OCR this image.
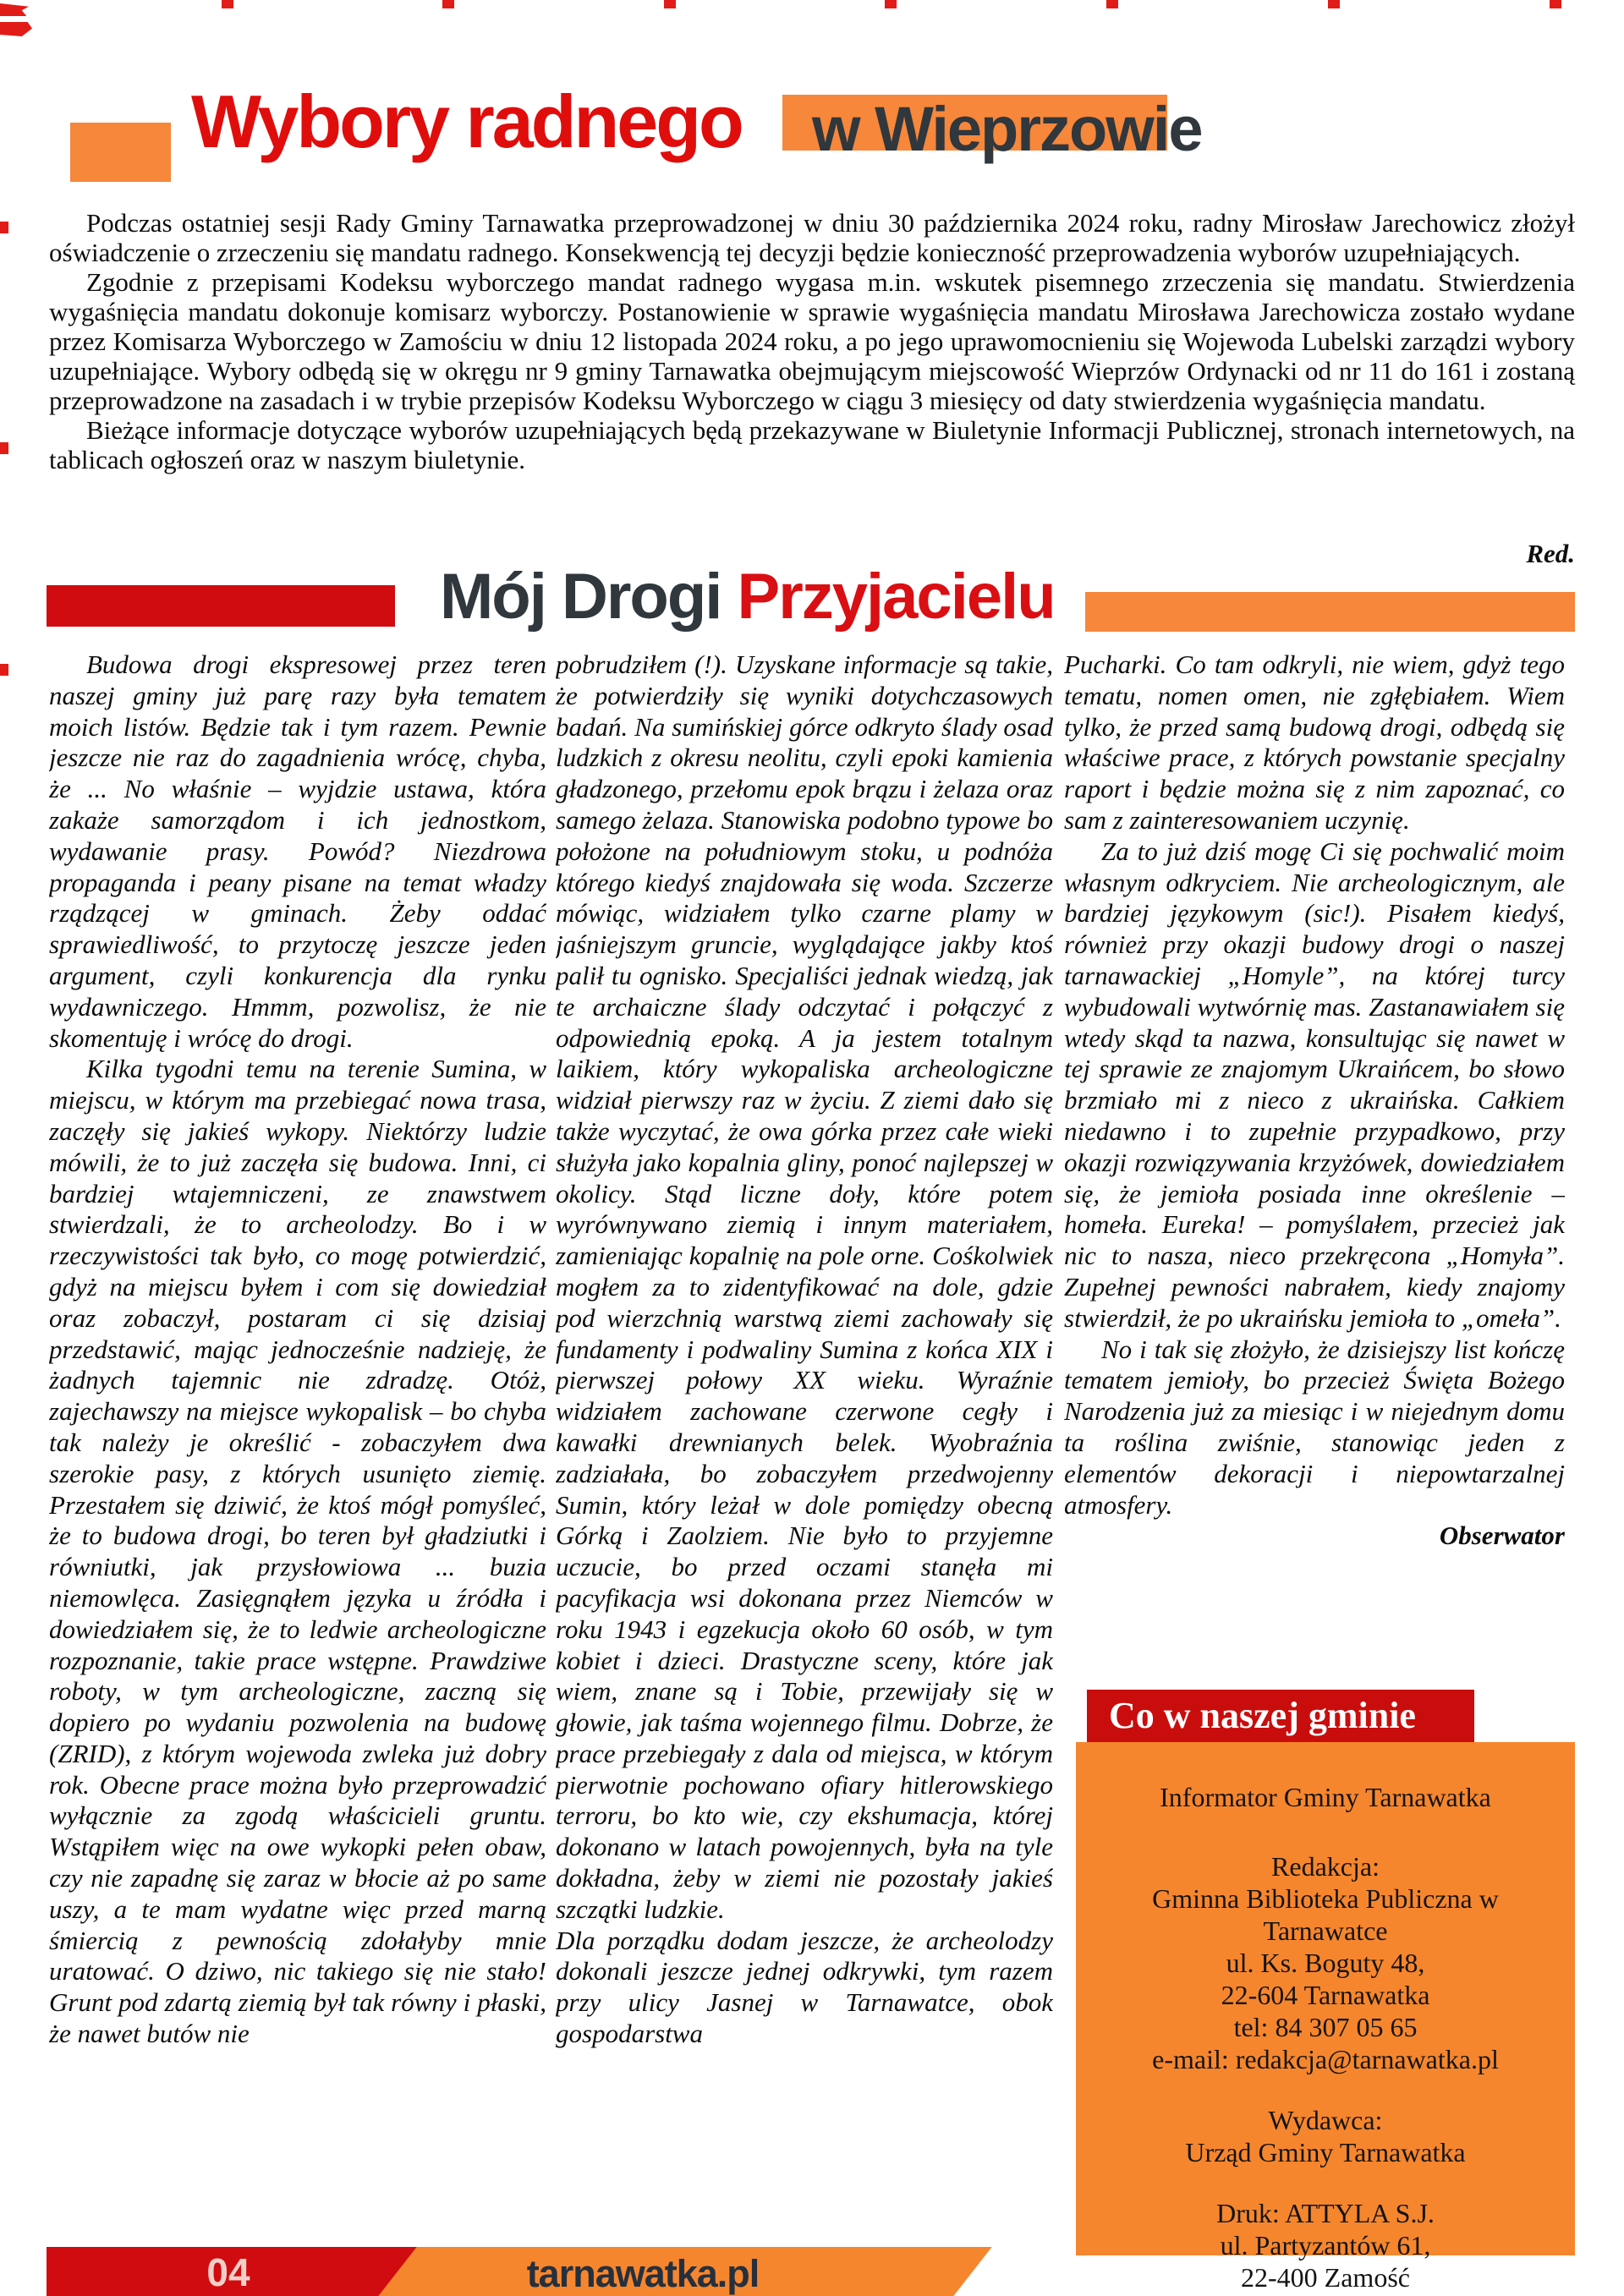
Wybory radnego w Wieprzowie

Podczas ostatniej sesji Rady Gminy Tarnawatka przeprowadzonej w dniu 30 października 2024 roku, radny Mirosław Jarechowicz złożył oświadczenie o zrzeczeniu się mandatu radnego. Konsekwencją tej decyzji będzie konieczność przeprowadzenia wyborów uzupełniających.

Zgodnie z przepisami Kodeksu wyborczego mandat radnego wygasa m.in. wskutek pisemnego zrzeczenia się mandatu. Stwierdzenia wygaśnięcia mandatu dokonuje komisarz wyborczy. Postanowienie w sprawie wygaśnięcia mandatu Mirosława Jarechowicza zostało wydane przez Komisarza Wyborczego w Zamościu w dniu 12 listopada 2024 roku, a po jego uprawomocnieniu się Wojewoda Lubelski zarządzi wybory uzupełniające. Wybory odbędą się w okręgu nr 9 gminy Tarnawatka obejmującym miejscowość Wieprzów Ordynacki od nr 11 do 161 i zostaną przeprowadzone na zasadach i w trybie przepisów Kodeksu Wyborczego w ciągu 3 miesięcy od daty stwierdzenia wygaśnięcia mandatu.

Bieżące informacje dotyczące wyborów uzupełniających będą przekazywane w Biuletynie Informacji Publicznej, stronach internetowych, na tablicach ogłoszeń oraz w naszym biuletynie.

Red.
Mój Drogi Przyjacielu

Budowa drogi ekspresowej przez teren naszej gminy już parę razy była tematem moich listów. Będzie tak i tym razem. Pewnie jeszcze nie raz do zagadnienia wrócę, chyba, że ... No właśnie – wyjdzie ustawa, która zakaże samorządom i ich jednostkom, wydawanie prasy. Powód? Niezdrowa propaganda i peany pisane na temat władzy rządzącej w gminach. Żeby oddać sprawiedliwość, to przytoczę jeszcze jeden argument, czyli konkurencja dla rynku wydawniczego. Hmmm, pozwolisz, że nie skomentuję i wrócę do drogi.

Kilka tygodni temu na terenie Sumina, w miejscu, w którym ma przebiegać nowa trasa, zaczęły się jakieś wykopy. Niektórzy ludzie mówili, że to już zaczęła się budowa. Inni, ci bardziej wtajemniczeni, ze znawstwem stwierdzali, że to archeolodzy. Bo i w rzeczywistości tak było, co mogę potwierdzić, gdyż na miejscu byłem i com się dowiedział oraz zobaczył, postaram ci się dzisiaj przedstawić, mając jednocześnie nadzieję, że żadnych tajemnic nie zdradzę. Otóż, zajechawszy na miejsce wykopalisk – bo chyba tak należy je określić - zobaczyłem dwa szerokie pasy, z których usunięto ziemię. Przestałem się dziwić, że ktoś mógł pomyśleć, że to budowa drogi, bo teren był gładziutki i równiutki, jak przysłowiowa ... buzia niemowlęca. Zasięgnąłem języka u źródła i dowiedziałem się, że to ledwie archeologiczne rozpoznanie, takie prace wstępne. Prawdziwe roboty, w tym archeologiczne, zaczną się dopiero po wydaniu pozwolenia na budowę (ZRID), z którym wojewoda zwleka już dobry rok. Obecne prace można było przeprowadzić wyłącznie za zgodą właścicieli gruntu. Wstąpiłem więc na owe wykopki pełen obaw, czy nie zapadnę się zaraz w błocie aż po same uszy, a te mam wydatne więc przed marną śmiercią z pewnością zdołałyby mnie uratować. O dziwo, nic takiego się nie stało! Grunt pod zdartą ziemią był tak równy i płaski, że nawet butów nie

pobrudziłem (!). Uzyskane informacje są takie, że potwierdziły się wyniki dotychczasowych badań. Na sumińskiej górce odkryto ślady osad ludzkich z okresu neolitu, czyli epoki kamienia gładzonego, przełomu epok brązu i żelaza oraz samego żelaza. Stanowiska podobno typowe bo położone na południowym stoku, u podnóża którego kiedyś znajdowała się woda. Szczerze mówiąc, widziałem tylko czarne plamy w jaśniejszym gruncie, wyglądające jakby ktoś palił tu ognisko. Specjaliści jednak wiedzą, jak te archaiczne ślady odczytać i połączyć z odpowiednią epoką. A ja jestem totalnym laikiem, który wykopaliska archeologiczne widział pierwszy raz w życiu. Z ziemi dało się także wyczytać, że owa górka przez całe wieki służyła jako kopalnia gliny, ponoć najlepszej w okolicy. Stąd liczne doły, które potem wyrównywano ziemią i innym materiałem, zamieniając kopalnię na pole orne. Cośkolwiek mogłem za to zidentyfikować na dole, gdzie pod wierzchnią warstwą ziemi zachowały się fundamenty i podwaliny Sumina z końca XIX i pierwszej połowy XX wieku. Wyraźnie widziałem zachowane czerwone cegły i kawałki drewnianych belek. Wyobraźnia zadziałała, bo zobaczyłem przedwojenny Sumin, który leżał w dole pomiędzy obecną Górką i Zaolziem. Nie było to przyjemne uczucie, bo przed oczami stanęła mi pacyfikacja wsi dokonana przez Niemców w roku 1943 i egzekucja około 60 osób, w tym kobiet i dzieci. Drastyczne sceny, które jak wiem, znane są i Tobie, przewijały się w głowie, jak taśma wojennego filmu. Dobrze, że prace przebiegały z dala od miejsca, w którym pierwotnie pochowano ofiary hitlerowskiego terroru, bo kto wie, czy ekshumacja, której dokonano w latach powojennych, była na tyle dokładna, żeby w ziemi nie pozostały jakieś szczątki ludzkie.

Dla porządku dodam jeszcze, że archeolodzy dokonali jeszcze jednej odkrywki, tym razem przy ulicy Jasnej w Tarnawatce, obok gospodarstwa

Pucharki. Co tam odkryli, nie wiem, gdyż tego tematu, nomen omen, nie zgłębiałem. Wiem tylko, że przed samą budową drogi, odbędą się właściwe prace, z których powstanie specjalny raport i będzie można się z nim zapoznać, co sam z zainteresowaniem uczynię.

Za to już dziś mogę Ci się pochwalić moim własnym odkryciem. Nie archeologicznym, ale bardziej językowym (sic!). Pisałem kiedyś, również przy okazji budowy drogi o naszej tarnawackiej „Homyle”, na której turcy wybudowali wytwórnię mas. Zastanawiałem się wtedy skąd ta nazwa, konsultując się nawet w tej sprawie ze znajomym Ukraińcem, bo słowo brzmiało mi z nieco z ukraińska. Całkiem niedawno i to zupełnie przypadkowo, przy okazji rozwiązywania krzyżówek, dowiedziałem się, że jemioła posiada inne określenie – homeła. Eureka! – pomyślałem, przecież jak nic to nasza, nieco przekręcona „Homyła”. Zupełnej pewności nabrałem, kiedy znajomy stwierdził, że po ukraińsku jemioła to „omeła”.

No i tak się złożyło, że dzisiejszy list kończę tematem jemioły, bo przecież Święta Bożego Narodzenia już za miesiąc i w niejednym domu ta roślina zwiśnie, stanowiąc jeden z elementów dekoracji i niepowtarzalnej atmosfery.

Obserwator

Co w naszej gminie

Informator Gminy Tarnawatka

Redakcja:

Gminna Biblioteka Publiczna w Tarnawatce

ul. Ks. Boguty 48,

22-604 Tarnawatka

tel: 84 307 05 65

e-mail: redakcja@tarnawatka.pl

Wydawca:

Urząd Gminy Tarnawatka

Druk: ATTYLA S.J.

ul. Partyzantów 61,

22-400 Zamość

04	tarnawatka.pl
